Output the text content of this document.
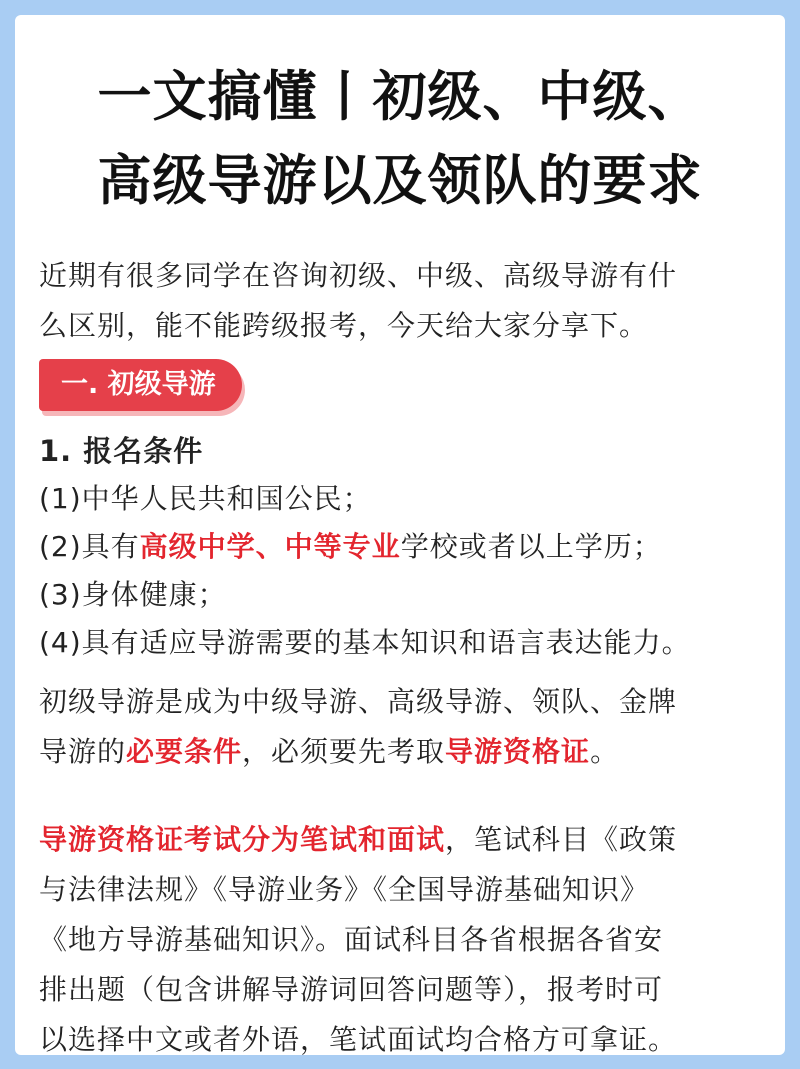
一文搞懂丨初级、中级、
高级导游以及领队的要求
近期有很多同学在咨询初级、中级、高级导游有什
么区别，能不能跨级报考，今天给大家分享下。
一. 初级导游
1. 报名条件
(1)中华人民共和国公民；
(2)具有高级中学、中等专业学校或者以上学历；
(3)身体健康；
(4)具有适应导游需要的基本知识和语言表达能力。
初级导游是成为中级导游、高级导游、领队、金牌
导游的必要条件，必须要先考取导游资格证。
导游资格证考试分为笔试和面试，笔试科目《政策
与法律法规》《导游业务》《全国导游基础知识》
《地方导游基础知识》。面试科目各省根据各省安
排出题（包含讲解导游词回答问题等），报考时可
以选择中文或者外语，笔试面试均合格方可拿证。
